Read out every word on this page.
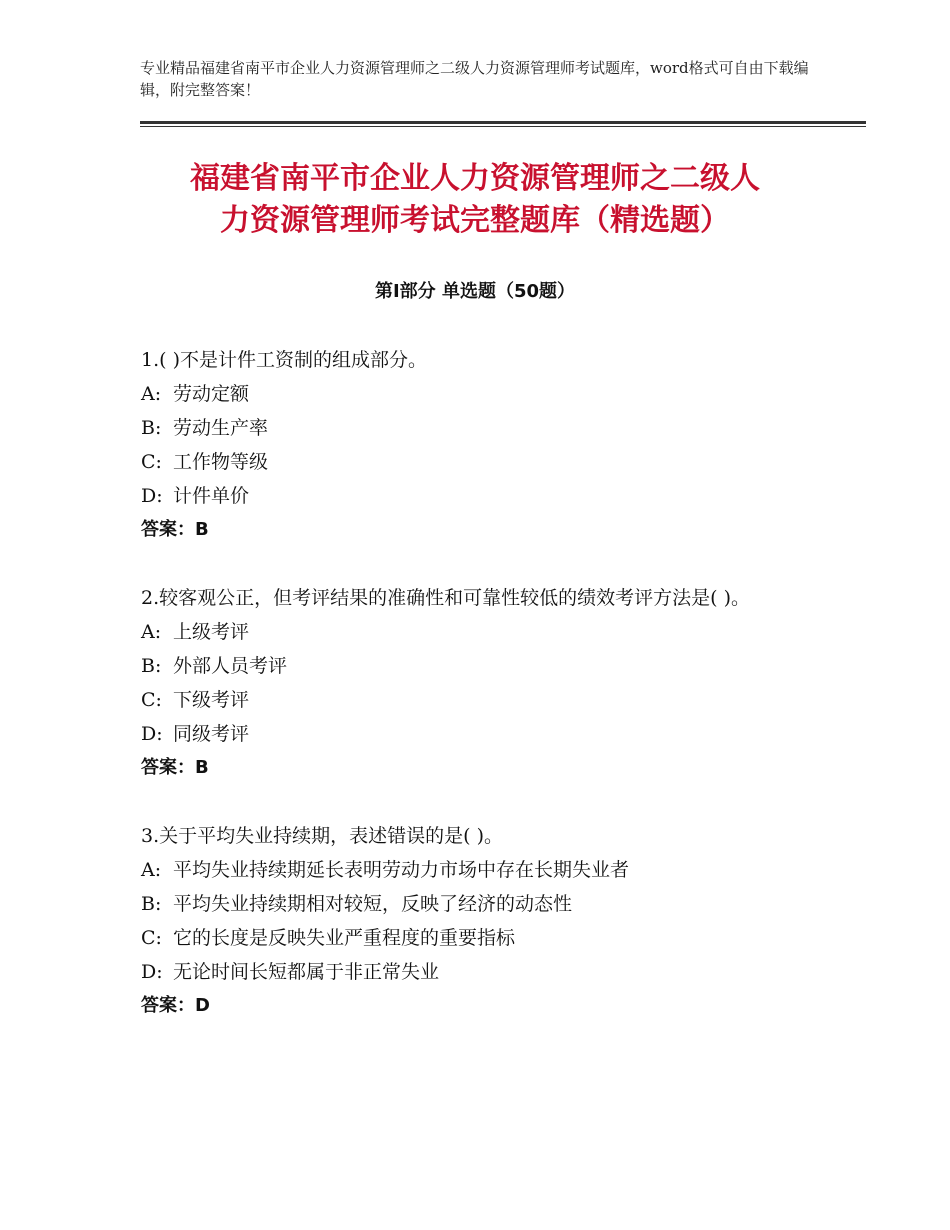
专业精品福建省南平市企业人力资源管理师之二级人力资源管理师考试题库，word格式可自由下载编辑，附完整答案！
福建省南平市企业人力资源管理师之二级人
力资源管理师考试完整题库（精选题）
第Ⅰ部分 单选题（50题）
1.( )不是计件工资制的组成部分。
A: 劳动定额
B: 劳动生产率
C: 工作物等级
D: 计件单价
答案：B
2.较客观公正，但考评结果的准确性和可靠性较低的绩效考评方法是( )。
A: 上级考评
B: 外部人员考评
C: 下级考评
D: 同级考评
答案：B
3.关于平均失业持续期，表述错误的是( )。
A: 平均失业持续期延长表明劳动力市场中存在长期失业者
B: 平均失业持续期相对较短，反映了经济的动态性
C: 它的长度是反映失业严重程度的重要指标
D: 无论时间长短都属于非正常失业
答案：D
